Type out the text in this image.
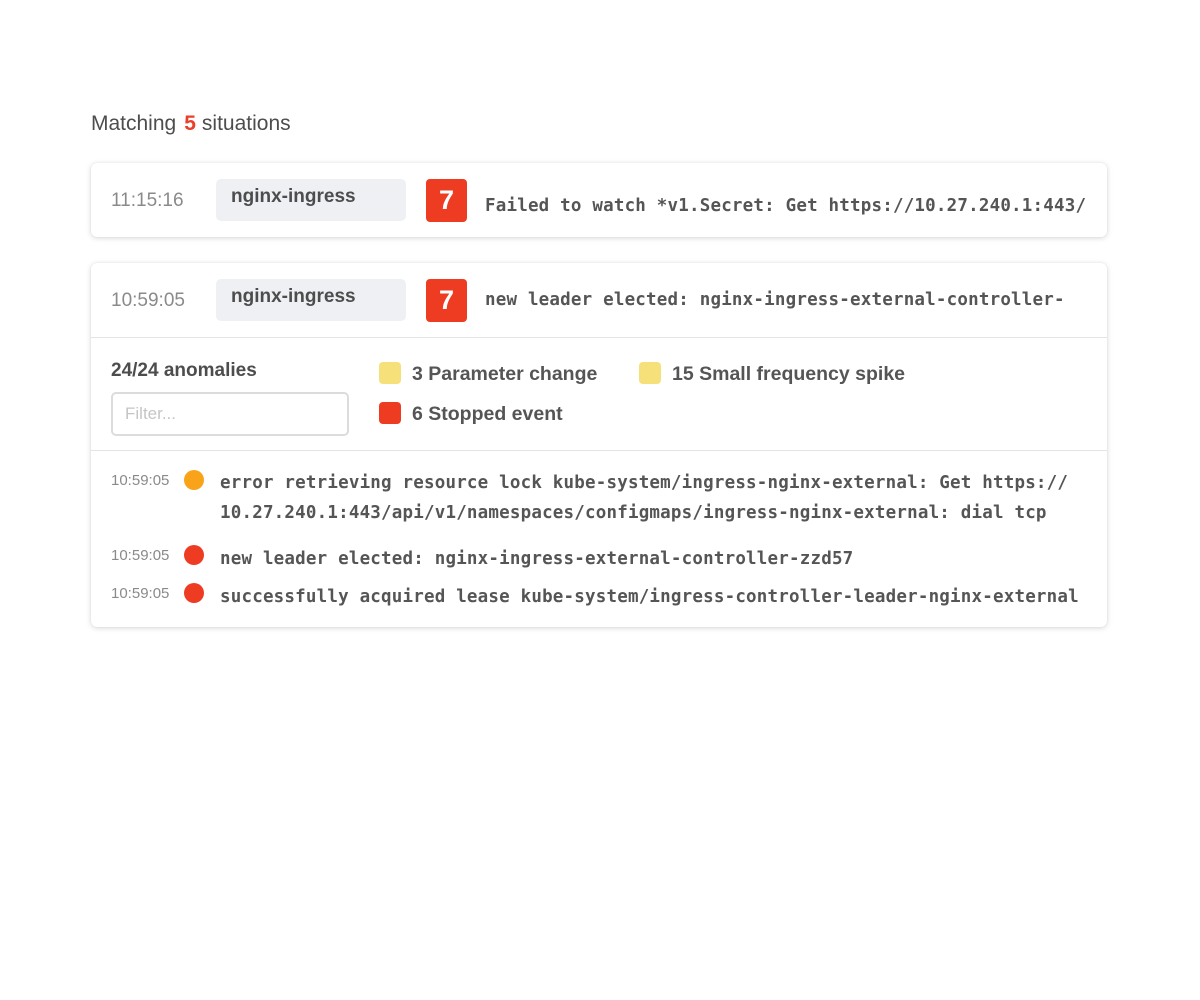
Matching 5 situations
11:15:16	nginx-ingress	7	Failed to watch *v1.Secret: Get https://10.27.240.1:443/
10:59:05	nginx-ingress	7	new leader elected: nginx-ingress-external-controller-
24/24 anomalies
Filter...	3 Parameter change	15 Small frequency spike
6 Stopped event
10:59:05	error retrieving resource lock kube-system/ingress-nginx-external: Get https://
10.27.240.1:443/api/v1/namespaces/configmaps/ingress-nginx-external: dial tcp
10:59:05	new leader elected: nginx-ingress-external-controller-zzd57
10:59:05	successfully acquired lease kube-system/ingress-controller-leader-nginx-external
